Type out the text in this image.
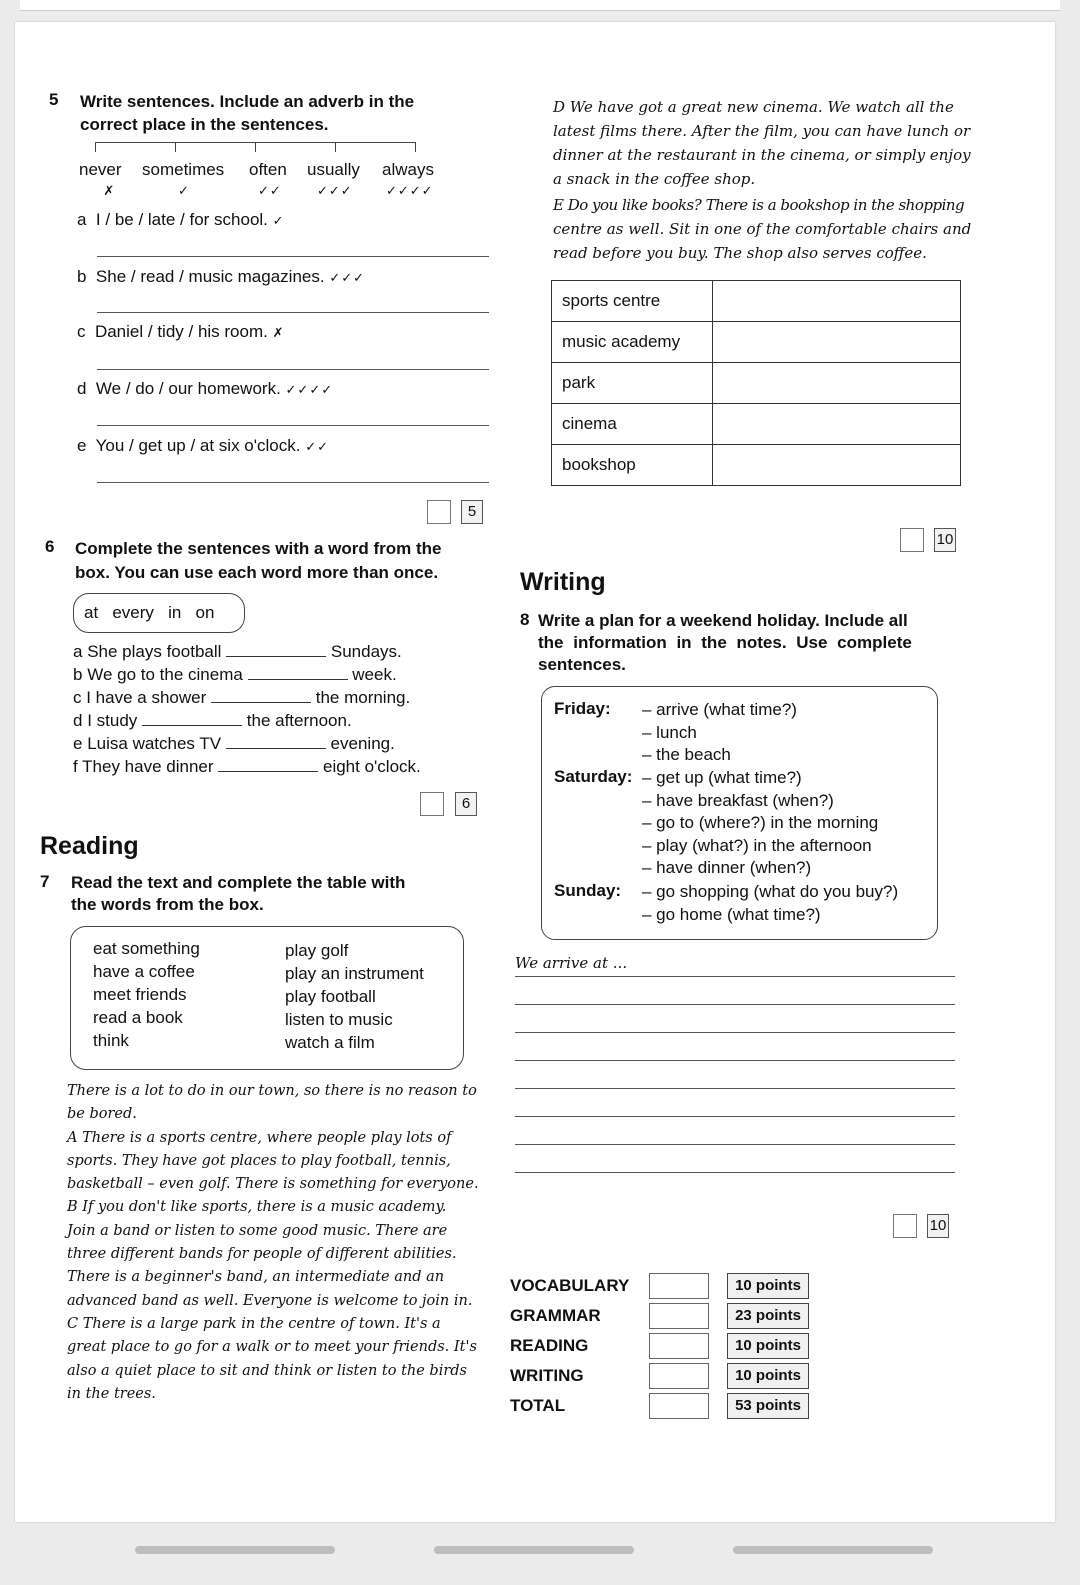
5 Write sentences. Include an adverb in the
correct place in the sentences.
never
✗
sometimes
✓
often
✓✓
usually
✓✓✓
always
✓✓✓✓
a I / be / late / for school. ✓
b She / read / music magazines. ✓✓✓
c Daniel / tidy / his room. ✗
d We / do / our homework. ✓✓✓✓
e You / get up / at six o'clock. ✓✓
5
6 Complete the sentences with a word from the
box. You can use each word more than once.
at   every   in   on
a She plays football	Sundays.
b We go to the cinema	week.
c I have a shower	the morning.
d I study	the afternoon.
e Luisa watches TV	evening.
f They have dinner	eight o'clock.
6
Reading
7 Read the text and complete the table with
the words from the box.
eat something
have a coffee
meet friends
read a book
think
play golf
play an instrument
play football
listen to music
watch a film
There is a lot to do in our town, so there is no reason to
be bored.
A There is a sports centre, where people play lots of
sports. They have got places to play football, tennis,
basketball – even golf. There is something for everyone.
B If you don't like sports, there is a music academy.
Join a band or listen to some good music. There are
three different bands for people of different abilities.
There is a beginner's band, an intermediate and an
advanced band as well. Everyone is welcome to join in.
C There is a large park in the centre of town. It's a
great place to go for a walk or to meet your friends. It's
also a quiet place to sit and think or listen to the birds
in the trees.
D We have got a great new cinema. We watch all the
latest films there. After the film, you can have lunch or
dinner at the restaurant in the cinema, or simply enjoy
a snack in the coffee shop.
E Do you like books? There is a bookshop in the shopping
centre as well. Sit in one of the comfortable chairs and
read before you buy. The shop also serves coffee.
sports centre	
music academy	
park	
cinema	
bookshop	
10
Writing
8 Write a plan for a weekend holiday. Include all
the information in the notes. Use complete
sentences.
Friday: – arrive (what time?)
– lunch
– the beach
Saturday: – get up (what time?)
– have breakfast (when?)
– go to (where?) in the morning
– play (what?) in the afternoon
– have dinner (when?)
Sunday: – go shopping (what do you buy?)
– go home (what time?)
We arrive at ...
10
VOCABULARY	10 points
GRAMMAR	23 points
READING	10 points
WRITING	10 points
TOTAL	53 points
